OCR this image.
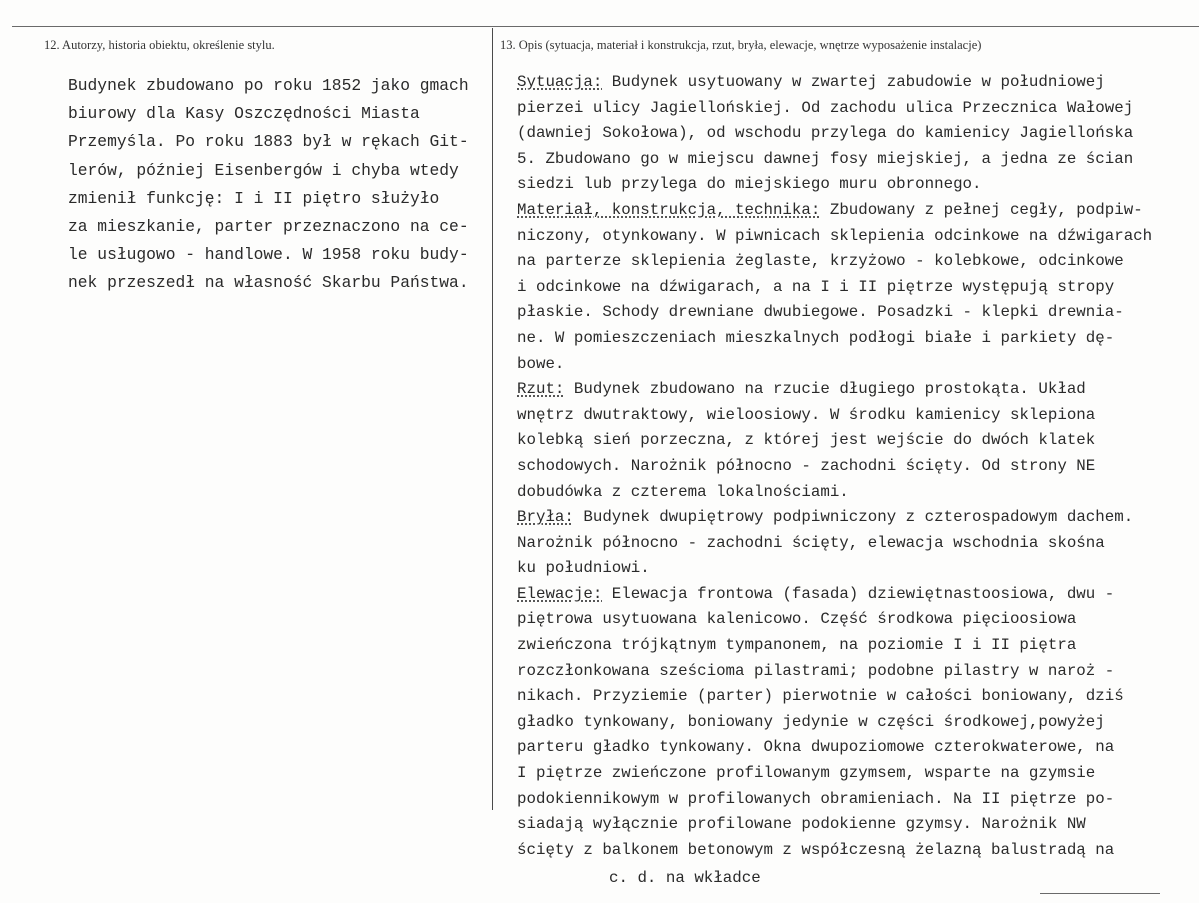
12. Autorzy, historia obiektu, określenie stylu.	13. Opis (sytuacja, materiał i konstrukcja, rzut, bryła, elewacje, wnętrze wyposażenie instalacje)
Budynek zbudowano po roku 1852 jako gmach
biurowy dla Kasy Oszczędności Miasta
Przemyśla. Po roku 1883 był w rękach Git-
lerów, później Eisenbergów i chyba wtedy
zmienił funkcję: I i II piętro służyło
za mieszkanie, parter przeznaczono na ce-
le usługowo - handlowe. W 1958 roku budy-
nek przeszedł na własność Skarbu Państwa.
Sytuacja: Budynek usytuowany w zwartej zabudowie w południowej
pierzei ulicy Jagiellońskiej. Od zachodu ulica Przecznica Wałowej
(dawniej Sokołowa), od wschodu przylega do kamienicy Jagiellońska
5. Zbudowano go w miejscu dawnej fosy miejskiej, a jedna ze ścian
siedzi lub przylega do miejskiego muru obronnego.
Materiał, konstrukcja, technika: Zbudowany z pełnej cegły, podpiw-
niczony, otynkowany. W piwnicach sklepienia odcinkowe na dźwigarach
na parterze sklepienia żeglaste, krzyżowo - kolebkowe, odcinkowe
i odcinkowe na dźwigarach, a na I i II piętrze występują stropy
płaskie. Schody drewniane dwubiegowe. Posadzki - klepki drewnia-
ne. W pomieszczeniach mieszkalnych podłogi białe i parkiety dę-
bowe.
Rzut: Budynek zbudowano na rzucie długiego prostokąta. Układ
wnętrz dwutraktowy, wieloosiowy. W środku kamienicy sklepiona
kolebką sień porzeczna, z której jest wejście do dwóch klatek
schodowych. Narożnik północno - zachodni ścięty. Od strony NE
dobudówka z czterema lokalnościami.
Bryła: Budynek dwupiętrowy podpiwniczony z czterospadowym dachem.
Narożnik północno - zachodni ścięty, elewacja wschodnia skośna
ku południowi.
Elewacje: Elewacja frontowa (fasada) dziewiętnastoosiowa, dwu -
piętrowa usytuowana kalenicowo. Część środkowa pięcioosiowa
zwieńczona trójkątnym tympanonem, na poziomie I i II piętra
rozczłonkowana sześcioma pilastrami; podobne pilastry w naroż -
nikach. Przyziemie (parter) pierwotnie w całości boniowany, dziś
gładko tynkowany, boniowany jedynie w części środkowej,powyżej
parteru gładko tynkowany. Okna dwupoziomowe czterokwaterowe, na
I piętrze zwieńczone profilowanym gzymsem, wsparte na gzymsie
podokiennikowym w profilowanych obramieniach. Na II piętrze po-
siadają wyłącznie profilowane podokienne gzymsy. Narożnik NW
ścięty z balkonem betonowym z współczesną żelazną balustradą na
c. d. na wkładce
